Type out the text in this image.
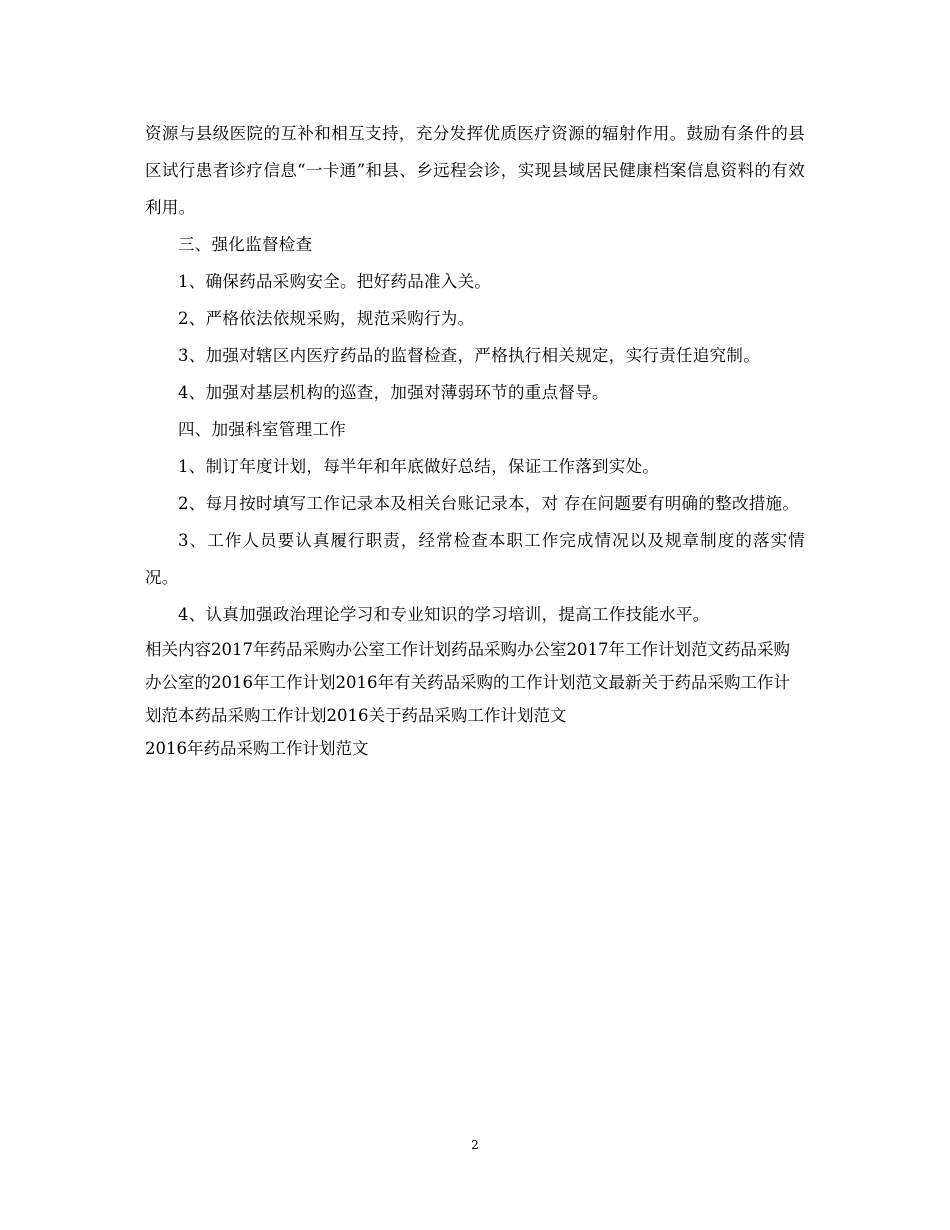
资源与县级医院的互补和相互支持，充分发挥优质医疗资源的辐射作用。鼓励有条件的县区试行患者诊疗信息“一卡通”和县、乡远程会诊，实现县域居民健康档案信息资料的有效利用。

三、强化监督检查

1、确保药品采购安全。把好药品准入关。

2、严格依法依规采购，规范采购行为。

3、加强对辖区内医疗药品的监督检查，严格执行相关规定，实行责任追究制。

4、加强对基层机构的巡查，加强对薄弱环节的重点督导。

四、加强科室管理工作

1、制订年度计划，每半年和年底做好总结，保证工作落到实处。

2、每月按时填写工作记录本及相关台账记录本，对 存在问题要有明确的整改措施。

3、工作人员要认真履行职责，经常检查本职工作完成情况以及规章制度的落实情况。

4、认真加强政治理论学习和专业知识的学习培训，提高工作技能水平。

相关内容2017年药品采购办公室工作计划药品采购办公室2017年工作计划范文药品采购办公室的2016年工作计划2016年有关药品采购的工作计划范文最新关于药品采购工作计划范本药品采购工作计划2016关于药品采购工作计划范文
2016年药品采购工作计划范文

2
